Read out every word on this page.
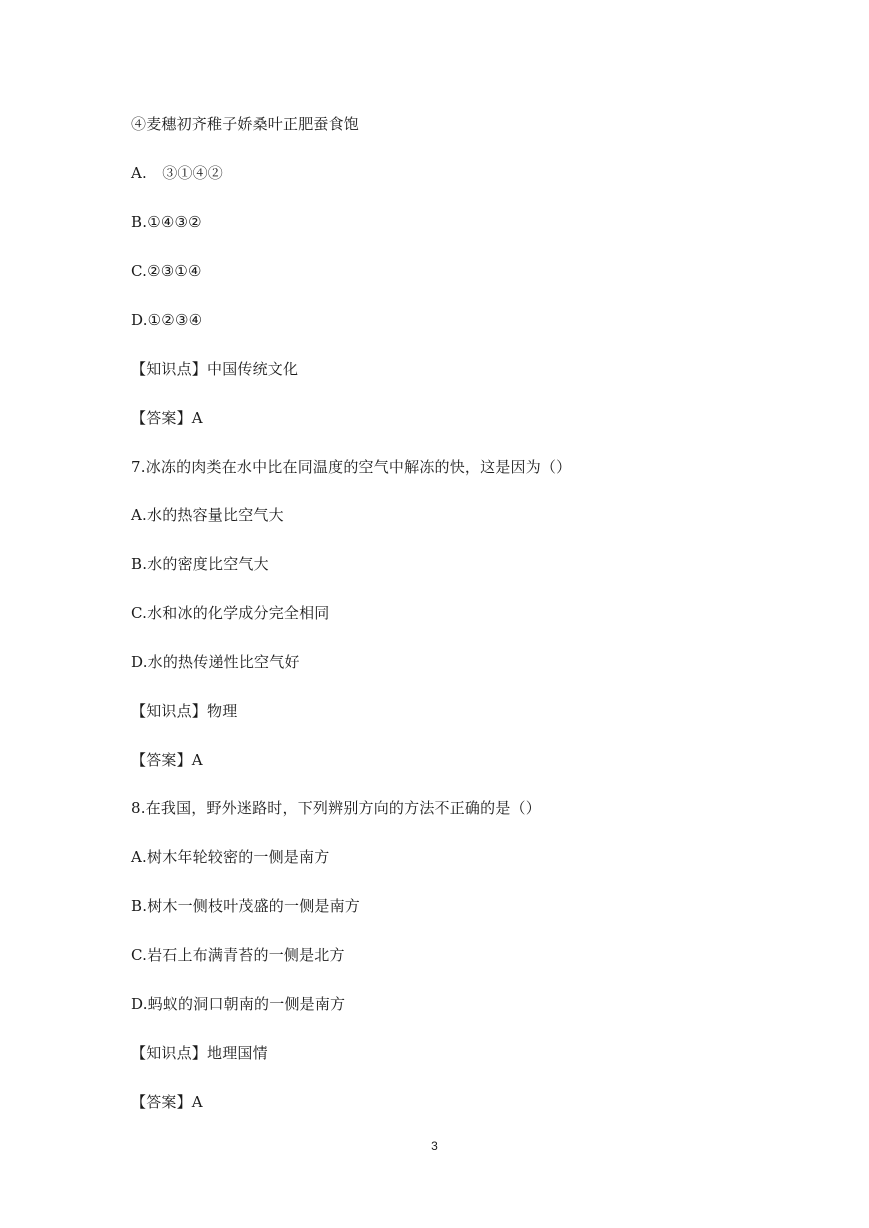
④麦穗初齐稚子娇桑叶正肥蚕食饱
A.　③①④②
B.①④③②
C.②③①④
D.①②③④
【知识点】中国传统文化
【答案】A
7.冰冻的肉类在水中比在同温度的空气中解冻的快，这是因为（）
A.水的热容量比空气大
B.水的密度比空气大
C.水和冰的化学成分完全相同
D.水的热传递性比空气好
【知识点】物理
【答案】A
8.在我国，野外迷路时，下列辨别方向的方法不正确的是（）
A.树木年轮较密的一侧是南方
B.树木一侧枝叶茂盛的一侧是南方
C.岩石上布满青苔的一侧是北方
D.蚂蚁的洞口朝南的一侧是南方
【知识点】地理国情
【答案】A
3
